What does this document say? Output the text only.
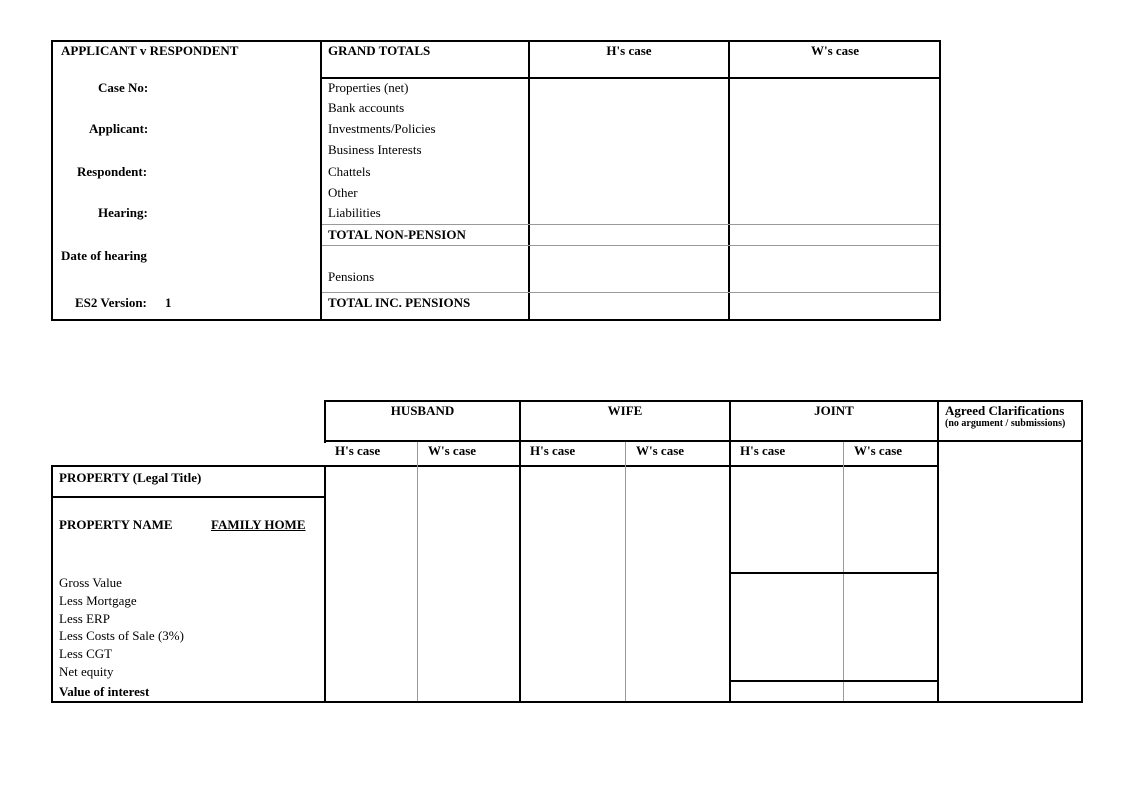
APPLICANT v RESPONDENT
Case No:
Applicant:
Respondent:
Hearing:
Date of hearing
ES2 Version: 1
GRAND TOTALS	H's case	W's case
Properties (net)
Bank accounts
Investments/Policies
Business Interests
Chattels
Other
Liabilities
TOTAL NON-PENSION
Pensions
TOTAL INC. PENSIONS
HUSBAND	WIFE	JOINT	Agreed Clarifications
(no argument / submissions)
H's case	W's case	H's case	W's case	H's case	W's case
PROPERTY (Legal Title)
PROPERTY NAME	FAMILY HOME
Gross Value
Less Mortgage
Less ERP
Less Costs of Sale (3%)
Less CGT
Net equity
Value of interest
